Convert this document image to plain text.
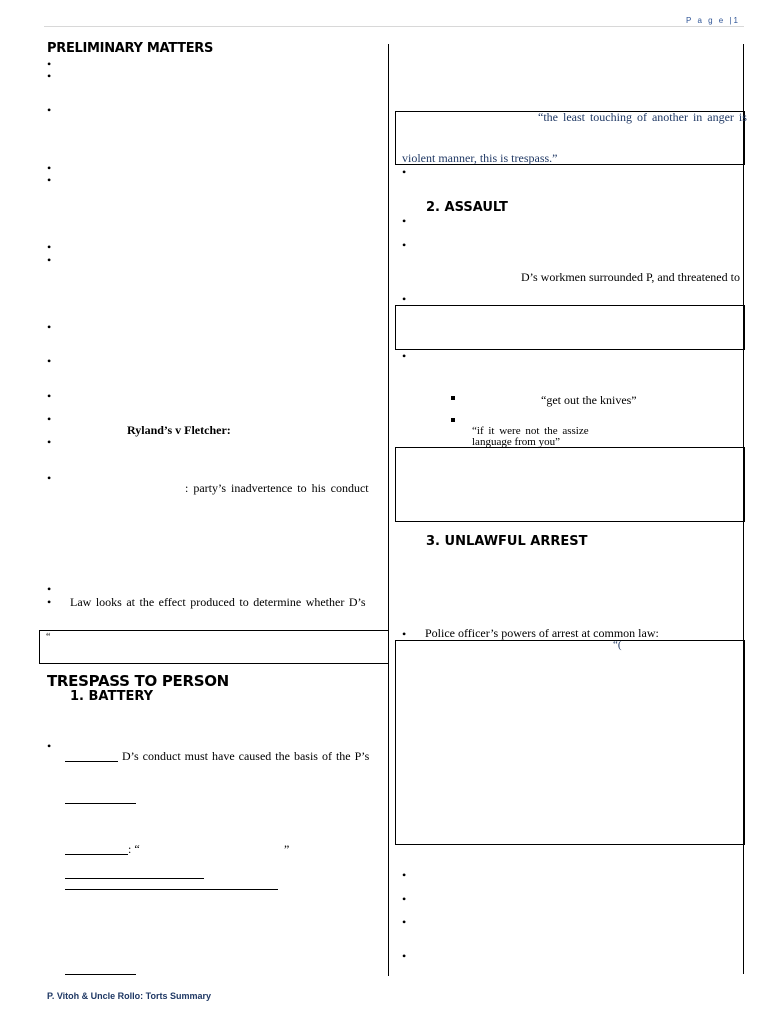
P a g e |1
PRELIMINARY MATTERS
•
•
•
•
•
•
•
•
•
•
•
•
•
Ryland’s v Fletcher:
: party’s inadvertence to his conduct
•
• Law looks at the effect produced to determine whether D’s
“
TRESPASS TO PERSON
1. BATTERY
•
D’s conduct must have caused the basis of the P’s
: “	”
“the least touching of another in anger is
violent manner, this is trespass.”
•
2. ASSAULT
•
•
D’s workmen surrounded P, and threatened to
•
•
“get out the knives”
“if it were not the assize
language from you”
3. UNLAWFUL ARREST
• Police officer’s powers of arrest at common law:
“(
•
•
•
•
P. Vitoh & Uncle Rollo: Torts Summary
